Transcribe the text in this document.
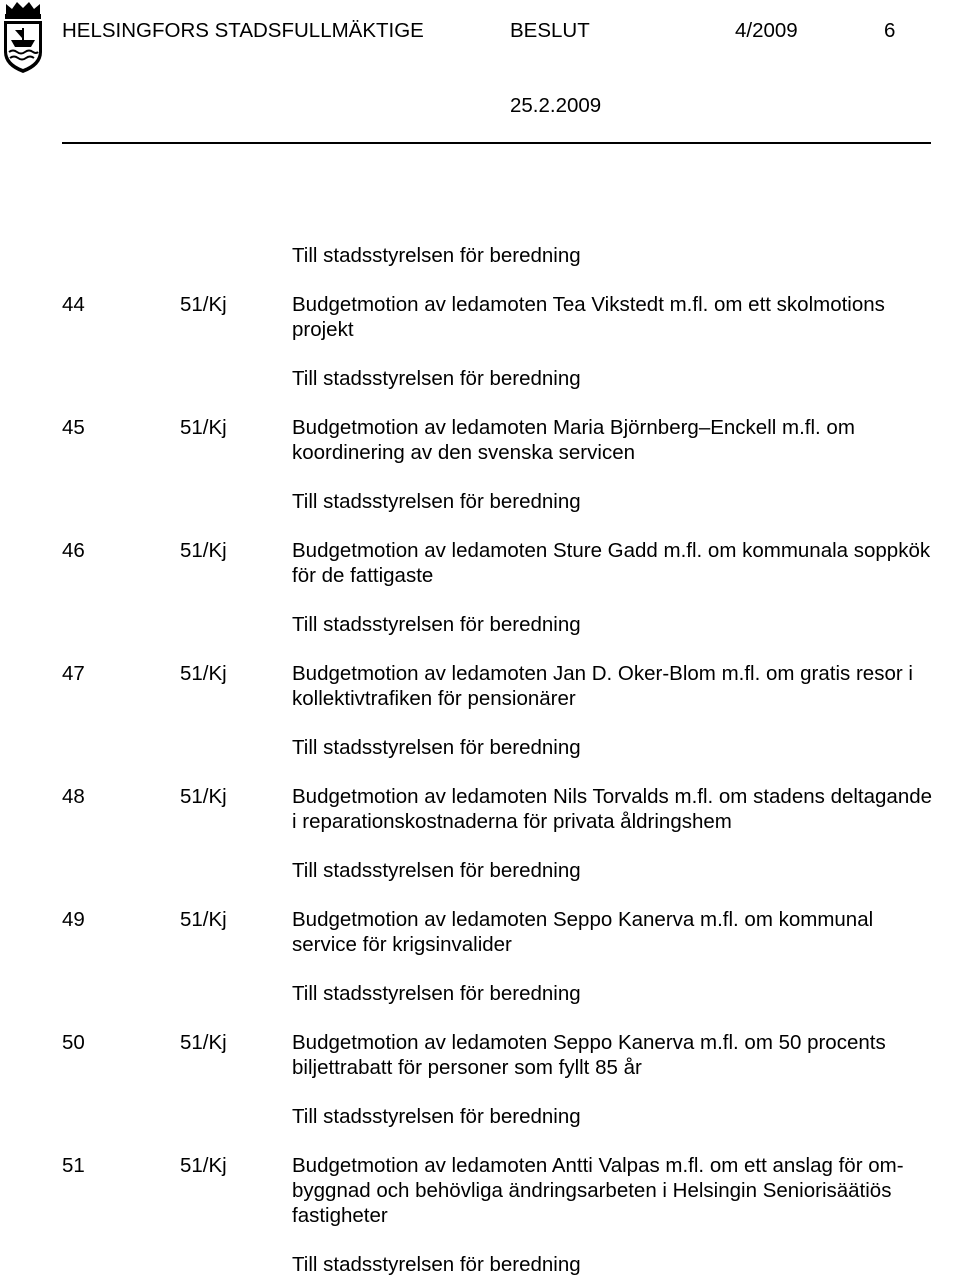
HELSINGFORS STADSFULLMÄKTIGE	BESLUT	4/2009	6
25.2.2009
Till stadsstyrelsen för beredning
44	51/Kj	Budgetmotion av ledamoten Tea Vikstedt m.fl. om ett skolmotions
projekt
Till stadsstyrelsen för beredning
45	51/Kj	Budgetmotion av ledamoten Maria Björnberg–Enckell m.fl. om
koordinering av den svenska servicen
Till stadsstyrelsen för beredning
46	51/Kj	Budgetmotion av ledamoten Sture Gadd m.fl. om kommunala soppkök
för de fattigaste
Till stadsstyrelsen för beredning
47	51/Kj	Budgetmotion av ledamoten Jan D. Oker-Blom m.fl. om gratis resor i
kollektivtrafiken för pensionärer
Till stadsstyrelsen för beredning
48	51/Kj	Budgetmotion av ledamoten Nils Torvalds m.fl. om stadens deltagande
i reparationskostnaderna för privata åldringshem
Till stadsstyrelsen för beredning
49	51/Kj	Budgetmotion av ledamoten Seppo Kanerva m.fl. om kommunal
service för krigsinvalider
Till stadsstyrelsen för beredning
50	51/Kj	Budgetmotion av ledamoten Seppo Kanerva m.fl. om 50 procents
biljettrabatt för personer som fyllt 85 år
Till stadsstyrelsen för beredning
51	51/Kj	Budgetmotion av ledamoten Antti Valpas m.fl. om ett anslag för om-
byggnad och behövliga ändringsarbeten i Helsingin Seniorisäätiös
fastigheter
Till stadsstyrelsen för beredning
